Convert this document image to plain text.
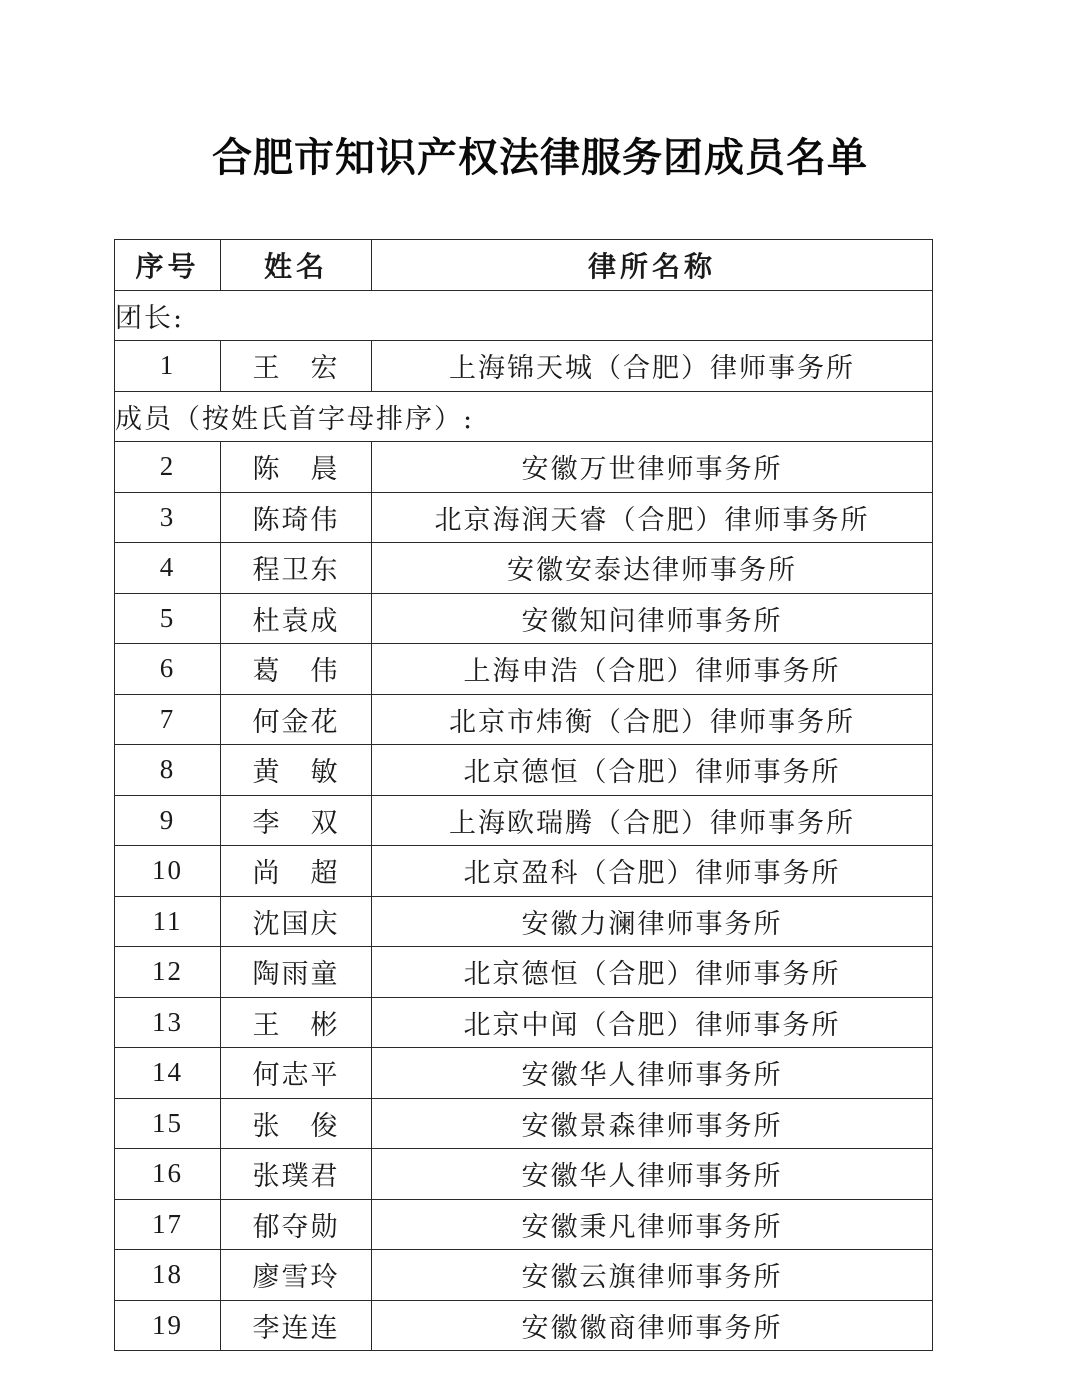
合肥市知识产权法律服务团成员名单
序号	姓名	律所名称
团长:		
1	王　宏	上海锦天城（合肥）律师事务所
成员（按姓氏首字母排序）:		
2	陈　晨	安徽万世律师事务所
3	陈琦伟	北京海润天睿（合肥）律师事务所
4	程卫东	安徽安泰达律师事务所
5	杜袁成	安徽知问律师事务所
6	葛　伟	上海申浩（合肥）律师事务所
7	何金花	北京市炜衡（合肥）律师事务所
8	黄　敏	北京德恒（合肥）律师事务所
9	李　双	上海欧瑞腾（合肥）律师事务所
10	尚　超	北京盈科（合肥）律师事务所
11	沈国庆	安徽力澜律师事务所
12	陶雨童	北京德恒（合肥）律师事务所
13	王　彬	北京中闻（合肥）律师事务所
14	何志平	安徽华人律师事务所
15	张　俊	安徽景森律师事务所
16	张璞君	安徽华人律师事务所
17	郁夺勋	安徽秉凡律师事务所
18	廖雪玲	安徽云旗律师事务所
19	李连连	安徽徽商律师事务所
